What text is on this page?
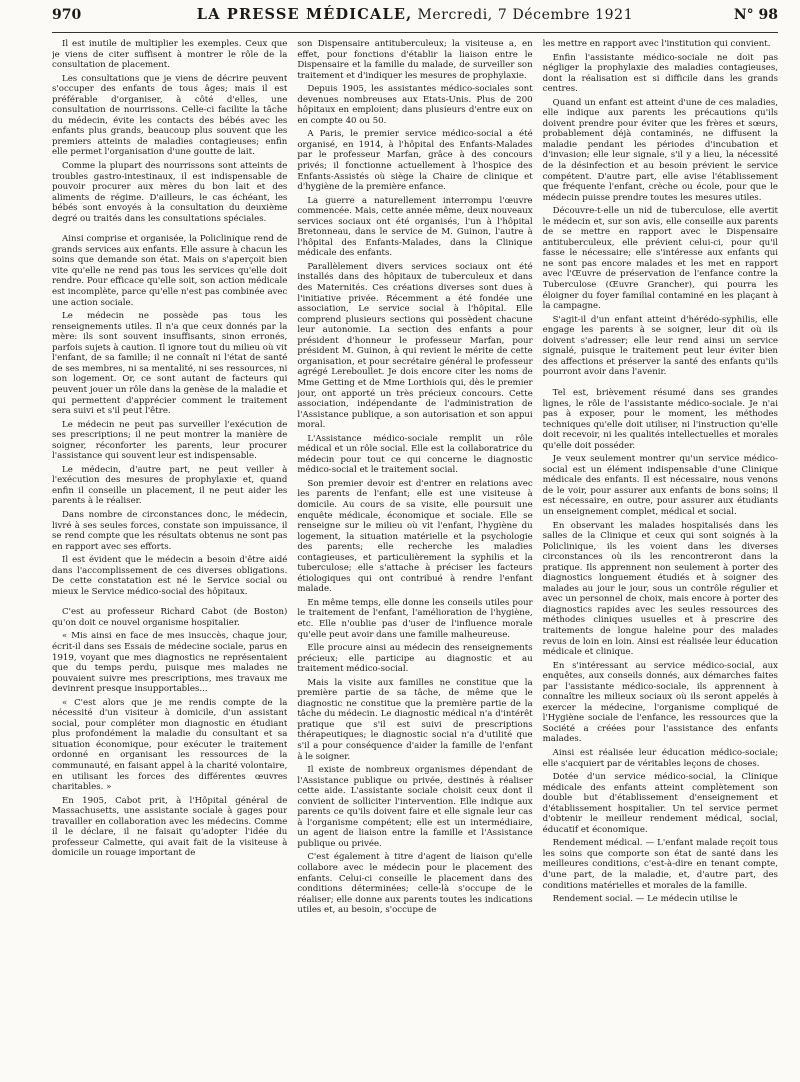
970	LA PRESSE MÉDICALE, Mercredi, 7 Décembre 1921	N° 98

Il est inutile de multiplier les exemples. Ceux que je viens de citer suffisent à montrer le rôle de la consultation de placement.

Les consultations que je viens de décrire peuvent s'occuper des enfants de tous âges; mais il est préférable d'organiser, à côté d'elles, une consultation de nourrissons. Celle-ci facilite la tâche du médecin, évite les contacts des bébés avec les enfants plus grands, beaucoup plus souvent que les premiers atteints de maladies contagieuses; enfin elle permet l'organisation d'une goutte de lait.

Comme la plupart des nourrissons sont atteints de troubles gastro-intestinaux, il est indispensable de pouvoir procurer aux mères du bon lait et des aliments de régime. D'ailleurs, le cas échéant, les bébés sont envoyés à la consultation du deuxième degré ou traités dans les consultations spéciales.

Ainsi comprise et organisée, la Policlinique rend de grands services aux enfants. Elle assure à chacun les soins que demande son état. Mais on s'aperçoit bien vite qu'elle ne rend pas tous les services qu'elle doit rendre. Pour efficace qu'elle soit, son action médicale est incomplète, parce qu'elle n'est pas combinée avec une action sociale.

Le médecin ne possède pas tous les renseignements utiles. Il n'a que ceux donnés par la mère: ils sont souvent insuffisants, sinon erronés, parfois sujets à caution. Il ignore tout du milieu où vit l'enfant, de sa famille; il ne connaît ni l'état de santé de ses membres, ni sa mentalité, ni ses ressources, ni son logement. Or, ce sont autant de facteurs qui peuvent jouer un rôle dans la genèse de la maladie et qui permettent d'apprécier comment le traitement sera suivi et s'il peut l'être.

Le médecin ne peut pas surveiller l'exécution de ses prescriptions; il ne peut montrer la manière de soigner, réconforter les parents, leur procurer l'assistance qui souvent leur est indispensable.

Le médecin, d'autre part, ne peut veiller à l'exécution des mesures de prophylaxie et, quand enfin il conseille un placement, il ne peut aider les parents à le réaliser.

Dans nombre de circonstances donc, le médecin, livré à ses seules forces, constate son impuissance, il se rend compte que les résultats obtenus ne sont pas en rapport avec ses efforts.

Il est évident que le médecin a besoin d'être aidé dans l'accomplissement de ces diverses obligations. De cette constatation est né le Service social ou mieux le Service médico-social des hôpitaux.

C'est au professeur Richard Cabot (de Boston) qu'on doit ce nouvel organisme hospitalier.

« Mis ainsi en face de mes insuccès, chaque jour, écrit-il dans ses Essais de médecine sociale, parus en 1919, voyant que mes diagnostics ne représentaient que du temps perdu, puisque mes malades ne pouvaient suivre mes prescriptions, mes travaux me devinrent presque insupportables...

« C'est alors que je me rendis compte de la nécessité d'un visiteur à domicile, d'un assistant social, pour compléter mon diagnostic en étudiant plus profondément la maladie du consultant et sa situation économique, pour exécuter le traitement ordonné en organisant les ressources de la communauté, en faisant appel à la charité volontaire, en utilisant les forces des différentes œuvres charitables. »

En 1905, Cabot prit, à l'Hôpital général de Massachusetts, une assistante sociale à gages pour travailler en collaboration avec les médecins. Comme il le déclare, il ne faisait qu'adopter l'idée du professeur Calmette, qui avait fait de la visiteuse à domicile un rouage important de

son Dispensaire antituberculeux; la visiteuse a, en effet, pour fonctions d'établir la liaison entre le Dispensaire et la famille du malade, de surveiller son traitement et d'indiquer les mesures de prophylaxie.

Depuis 1905, les assistantes médico-sociales sont devenues nombreuses aux Etats-Unis. Plus de 200 hôpitaux en emploient; dans plusieurs d'entre eux on en compte 40 ou 50.

A Paris, le premier service médico-social a été organisé, en 1914, à l'hôpital des Enfants-Malades par le professeur Marfan, grâce à des concours privés; il fonctionne actuellement à l'hospice des Enfants-Assistés où siège la Chaire de clinique et d'hygiène de la première enfance.

La guerre a naturellement interrompu l'œuvre commencée. Mais, cette année même, deux nouveaux services sociaux ont été organisés, l'un à l'hôpital Bretonneau, dans le service de M. Guinon, l'autre à l'hôpital des Enfants-Malades, dans la Clinique médicale des enfants.

Parallèlement divers services sociaux ont été installés dans des hôpitaux de tuberculeux et dans des Maternités. Ces créations diverses sont dues à l'initiative privée. Récemment a été fondée une association, Le service social à l'hôpital. Elle comprend plusieurs sections qui possèdent chacune leur autonomie. La section des enfants a pour président d'honneur le professeur Marfan, pour président M. Guinon, à qui revient le mérite de cette organisation, et pour secrétaire général le professeur agrégé Lereboullet. Je dois encore citer les noms de Mme Getting et de Mme Lorthiois qui, dès le premier jour, ont apporté un très précieux concours. Cette association, indépendante de l'administration de l'Assistance publique, a son autorisation et son appui moral.

L'Assistance médico-sociale remplit un rôle médical et un rôle social. Elle est la collaboratrice du médecin pour tout ce qui concerne le diagnostic médico-social et le traitement social.

Son premier devoir est d'entrer en relations avec les parents de l'enfant; elle est une visiteuse à domicile. Au cours de sa visite, elle poursuit une enquête médicale, économique et sociale. Elle se renseigne sur le milieu où vit l'enfant, l'hygiène du logement, la situation matérielle et la psychologie des parents; elle recherche les maladies contagieuses, et particulièrement la syphilis et la tuberculose; elle s'attache à préciser les facteurs étiologiques qui ont contribué à rendre l'enfant malade.

En même temps, elle donne les conseils utiles pour le traitement de l'enfant, l'amélioration de l'hygiène, etc. Elle n'oublie pas d'user de l'influence morale qu'elle peut avoir dans une famille malheureuse.

Elle procure ainsi au médecin des renseignements précieux; elle participe au diagnostic et au traitement médico-social.

Mais la visite aux familles ne constitue que la première partie de sa tâche, de même que le diagnostic ne constitue que la première partie de la tâche du médecin. Le diagnostic médical n'a d'intérêt pratique que s'il est suivi de prescriptions thérapeutiques; le diagnostic social n'a d'utilité que s'il a pour conséquence d'aider la famille de l'enfant à le soigner.

Il existe de nombreux organismes dépendant de l'Assistance publique ou privée, destinés à réaliser cette aide. L'assistante sociale choisit ceux dont il convient de solliciter l'intervention. Elle indique aux parents ce qu'ils doivent faire et elle signale leur cas à l'organisme compétent; elle est un intermédiaire, un agent de liaison entre la famille et l'Assistance publique ou privée.

C'est également à titre d'agent de liaison qu'elle collabore avec le médecin pour le placement des enfants. Celui-ci conseille le placement dans des conditions déterminées; celle-là s'occupe de le réaliser; elle donne aux parents toutes les indications utiles et, au besoin, s'occupe de

les mettre en rapport avec l'institution qui convient.

Enfin l'assistante médico-sociale ne doit pas négliger la prophylaxie des maladies contagieuses, dont la réalisation est si difficile dans les grands centres.

Quand un enfant est atteint d'une de ces maladies, elle indique aux parents les précautions qu'ils doivent prendre pour éviter que les frères et sœurs, probablement déjà contaminés, ne diffusent la maladie pendant les périodes d'incubation et d'invasion; elle leur signale, s'il y a lieu, la nécessité de la désinfection et au besoin prévient le service compétent. D'autre part, elle avise l'établissement que fréquente l'enfant, crèche ou école, pour que le médecin puisse prendre toutes les mesures utiles.

Découvre-t-elle un nid de tuberculose, elle avertit le médecin et, sur son avis, elle conseille aux parents de se mettre en rapport avec le Dispensaire antituberculeux, elle prévient celui-ci, pour qu'il fasse le nécessaire; elle s'intéresse aux enfants qui ne sont pas encore malades et les met en rapport avec l'Œuvre de préservation de l'enfance contre la Tuberculose (Œuvre Grancher), qui pourra les éloigner du foyer familial contaminé en les plaçant à la campagne.

S'agit-il d'un enfant atteint d'hérédo-syphilis, elle engage les parents à se soigner, leur dit où ils doivent s'adresser; elle leur rend ainsi un service signalé, puisque le traitement peut leur éviter bien des affections et préserver la santé des enfants qu'ils pourront avoir dans l'avenir.

Tel est, brièvement résumé dans ses grandes lignes, le rôle de l'assistante médico-sociale. Je n'ai pas à exposer, pour le moment, les méthodes techniques qu'elle doit utiliser, ni l'instruction qu'elle doit recevoir, ni les qualités intellectuelles et morales qu'elle doit posséder.

Je veux seulement montrer qu'un service médico-social est un élément indispensable d'une Clinique médicale des enfants. Il est nécessaire, nous venons de le voir, pour assurer aux enfants de bons soins; il est nécessaire, en outre, pour assurer aux étudiants un enseignement complet, médical et social.

En observant les malades hospitalisés dans les salles de la Clinique et ceux qui sont soignés à la Policlinique, ils les voient dans les diverses circonstances où ils les rencontreront dans la pratique. Ils apprennent non seulement à porter des diagnostics longuement étudiés et à soigner des malades au jour le jour, sous un contrôle régulier et avec un personnel de choix, mais encore à porter des diagnostics rapides avec les seules ressources des méthodes cliniques usuelles et à prescrire des traitements de longue haleine pour des malades revus de loin en loin. Ainsi est réalisée leur éducation médicale et clinique.

En s'intéressant au service médico-social, aux enquêtes, aux conseils donnés, aux démarches faites par l'assistante médico-sociale, ils apprennent à connaître les milieux sociaux où ils seront appelés à exercer la médecine, l'organisme compliqué de l'Hygiène sociale de l'enfance, les ressources que la Société a créées pour l'assistance des enfants malades.

Ainsi est réalisée leur éducation médico-sociale; elle s'acquiert par de véritables leçons de choses.

Dotée d'un service médico-social, la Clinique médicale des enfants atteint complètement son double but d'établissement d'enseignement et d'établissement hospitalier. Un tel service permet d'obtenir le meilleur rendement médical, social, éducatif et économique.

Rendement médical. — L'enfant malade reçoit tous les soins que comporte son état de santé dans les meilleures conditions, c'est-à-dire en tenant compte, d'une part, de la maladie, et, d'autre part, des conditions matérielles et morales de la famille.

Rendement social. — Le médecin utilise le
